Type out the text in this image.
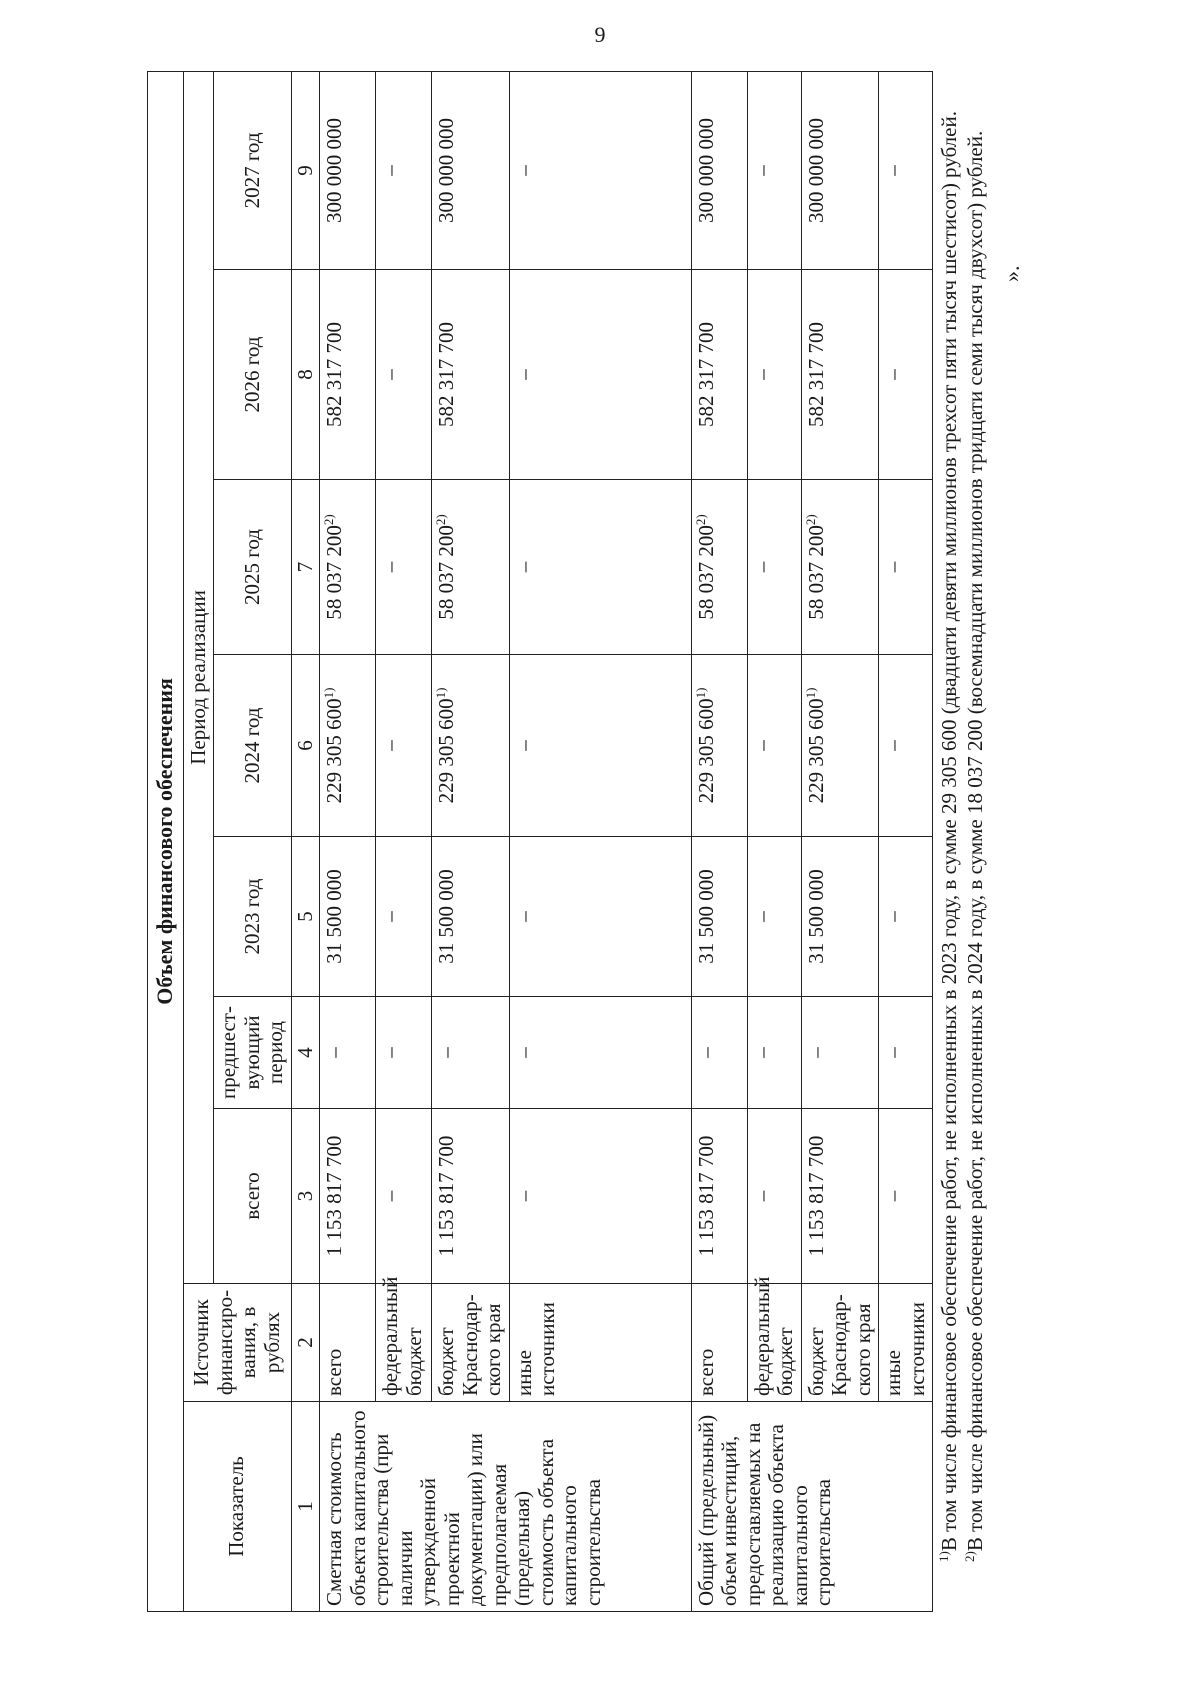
9
Объем финансового обеспечения								
Показатель	Источник финансиро-вания, в рублях	Период реализации						
		всего	предшест-вующий период	2023 год	2024 год	2025 год	2026 год	2027 год
1	2	3	4	5	6	7	8	9
Сметная стоимость объекта капитального строительства (при наличии утвержденной проектной документации) или предполагаемая (предельная) стоимость объекта капитального строительства	всего	1 153 817 700	–	31 500 000	229 305 600$^{1)}$	58 037 200$^{2)}$	582 317 700	300 000 000
	федеральный бюджет	–	–	–	–	–	–	–
	бюджет Краснодар-ского края	1 153 817 700	–	31 500 000	229 305 600$^{1)}$	58 037 200$^{2)}$	582 317 700	300 000 000
	иные источники	–	–	–	–	–	–	–
Общий (предельный) объем инвестиций, предоставляемых на реализацию объекта капитального строительства	всего	1 153 817 700	–	31 500 000	229 305 600$^{1)}$	58 037 200$^{2)}$	582 317 700	300 000 000
	федеральный бюджет	–	–	–	–	–	–	–
	бюджет Краснодар-ского края	1 153 817 700	–	31 500 000	229 305 600$^{1)}$	58 037 200$^{2)}$	582 317 700	300 000 000
	иные источники	–	–	–	–	–	–	–

$^{1)}$В том числе финансовое обеспечение работ, не исполненных в 2023 году, в сумме 29 305 600 (двадцати девяти миллионов трехсот пяти тысяч шестисот) рублей.

$^{2)}$В том числе финансовое обеспечение работ, не исполненных в 2024 году, в сумме 18 037 200 (восемнадцати миллионов тридцати семи тысяч двухсот) рублей. ».
